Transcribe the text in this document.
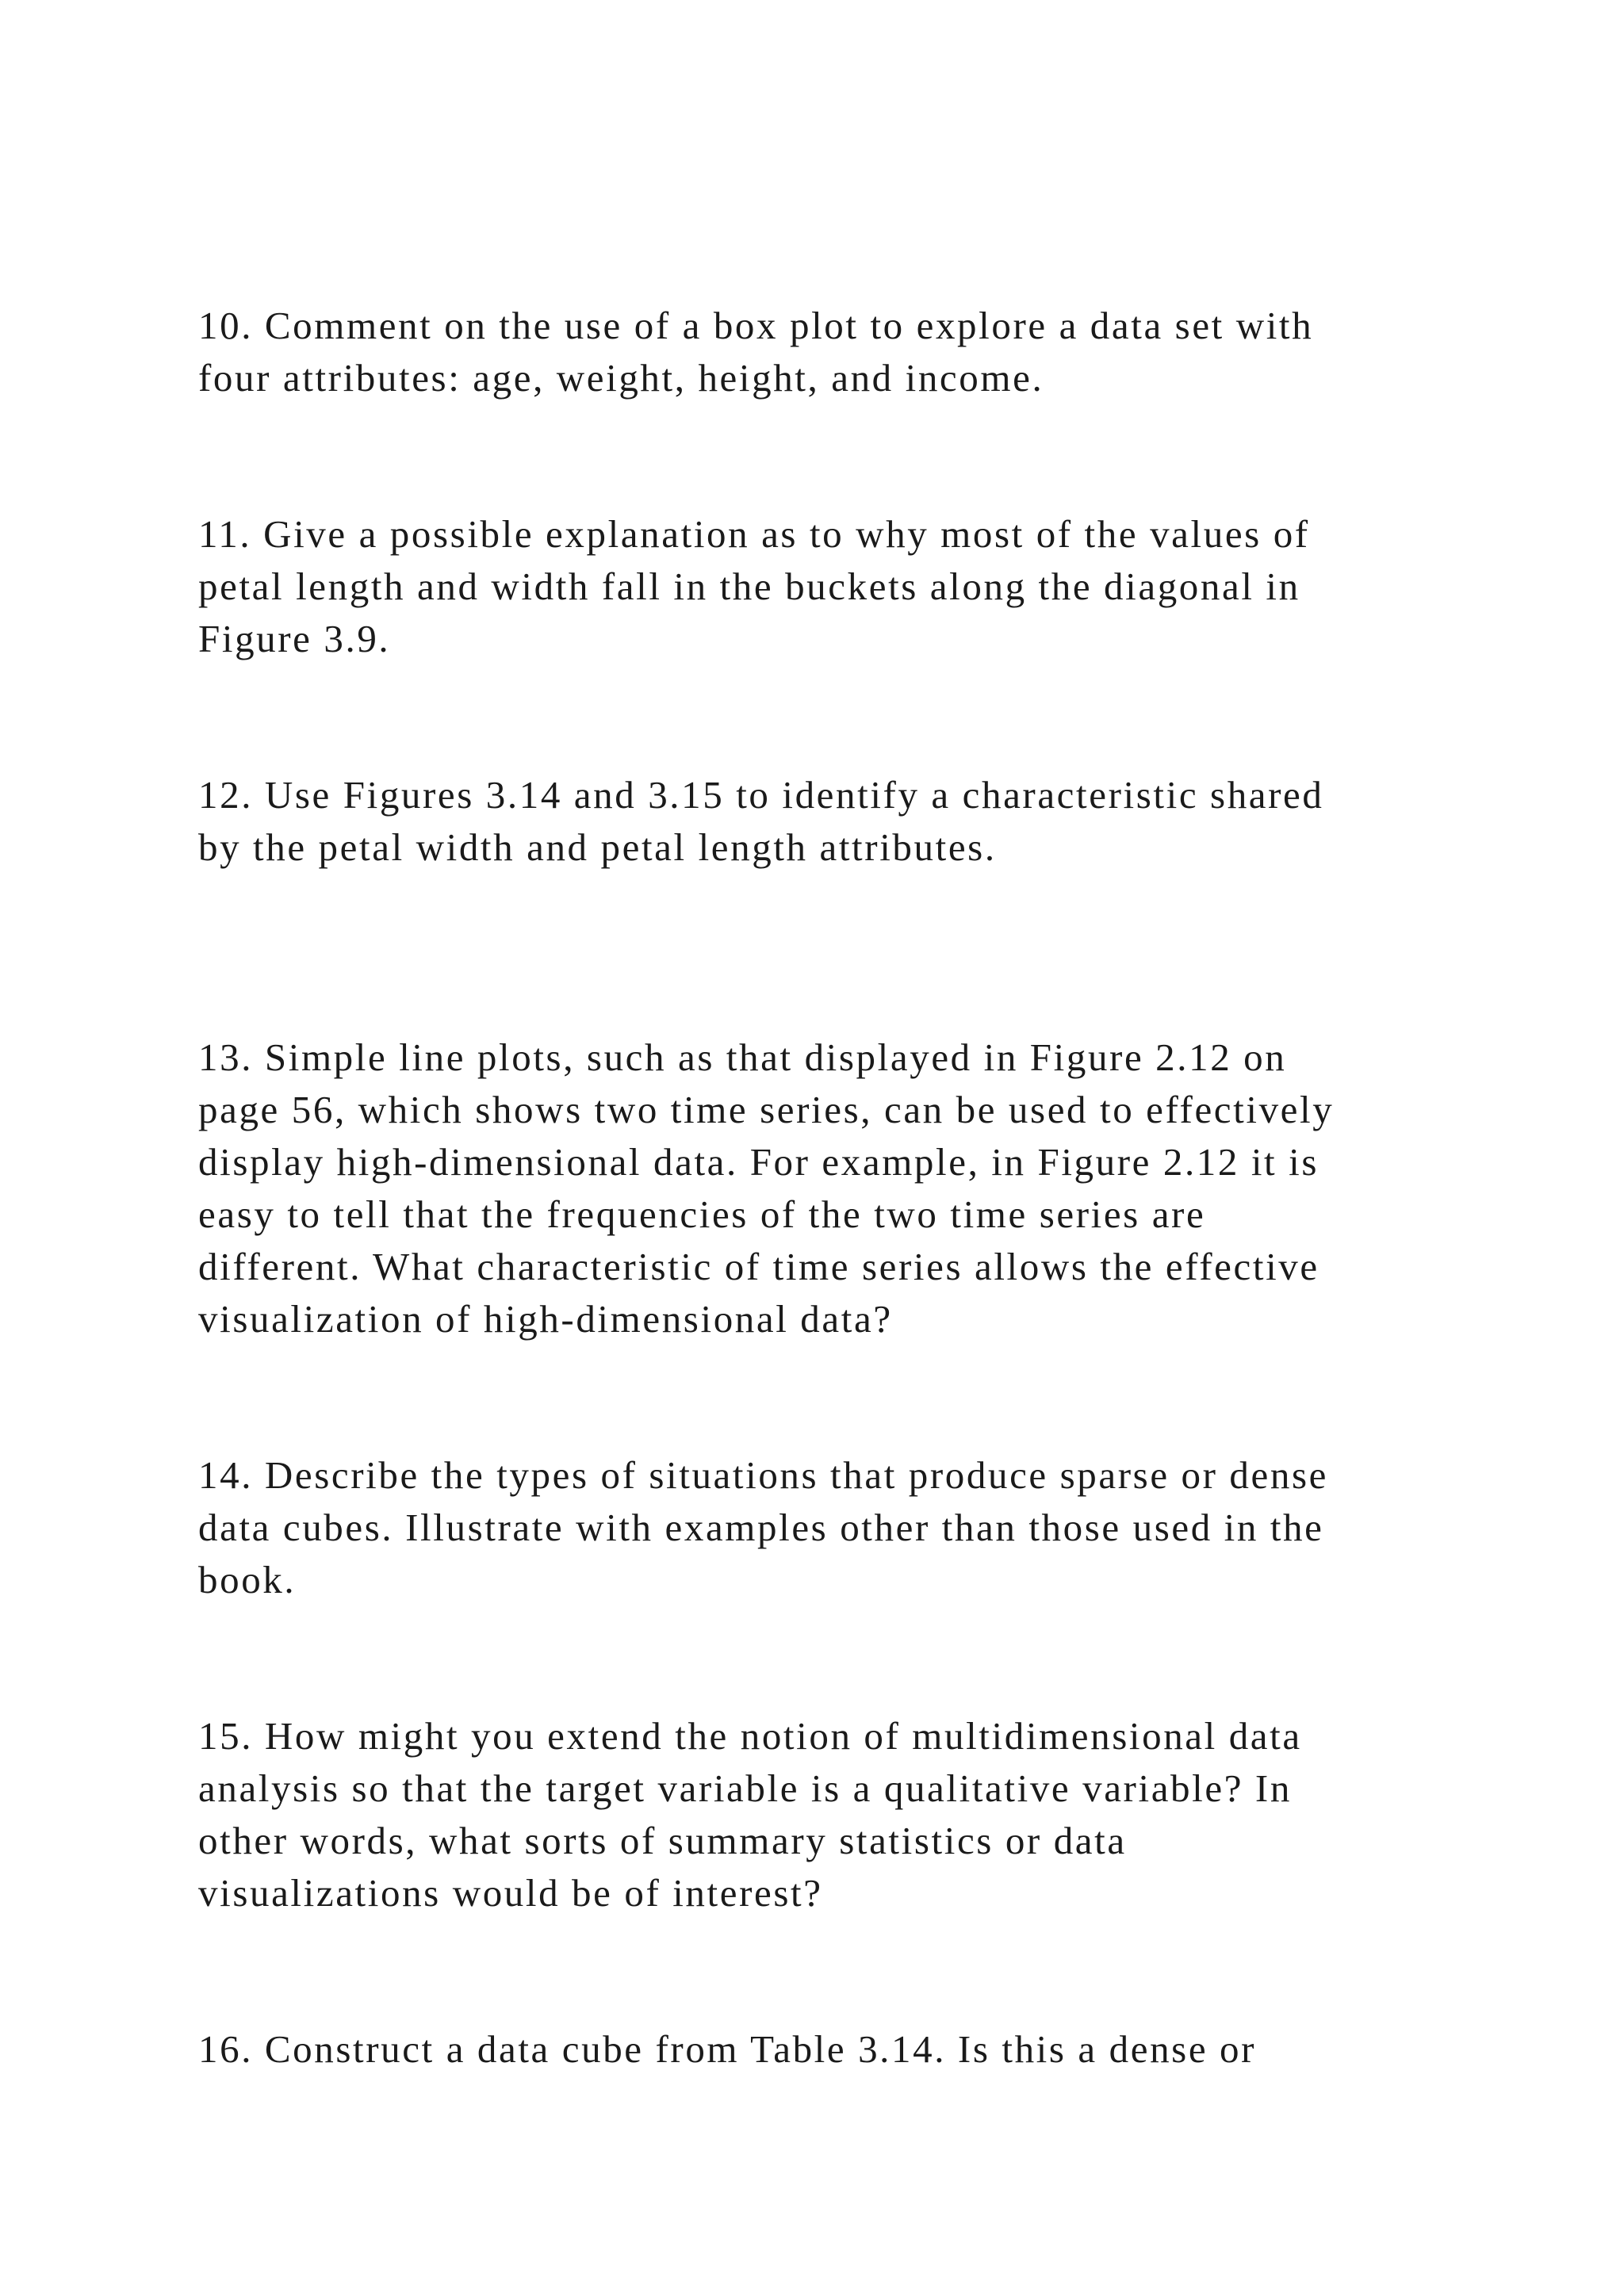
10. Comment on the use of a box plot to explore a data set with
four attributes: age, weight, height, and income.

11. Give a possible explanation as to why most of the values of
petal length and width fall in the buckets along the diagonal in
Figure 3.9.

12. Use Figures 3.14 and 3.15 to identify a characteristic shared
by the petal width and petal length attributes.

13. Simple line plots, such as that displayed in Figure 2.12 on
page 56, which shows two time series, can be used to effectively
display high-dimensional data. For example, in Figure 2.12 it is
easy to tell that the frequencies of the two time series are
different. What characteristic of time series allows the effective
visualization of high-dimensional data?

14. Describe the types of situations that produce sparse or dense
data cubes. Illustrate with examples other than those used in the
book.

15. How might you extend the notion of multidimensional data
analysis so that the target variable is a qualitative variable? In
other words, what sorts of summary statistics or data
visualizations would be of interest?

16. Construct a data cube from Table 3.14. Is this a dense or
